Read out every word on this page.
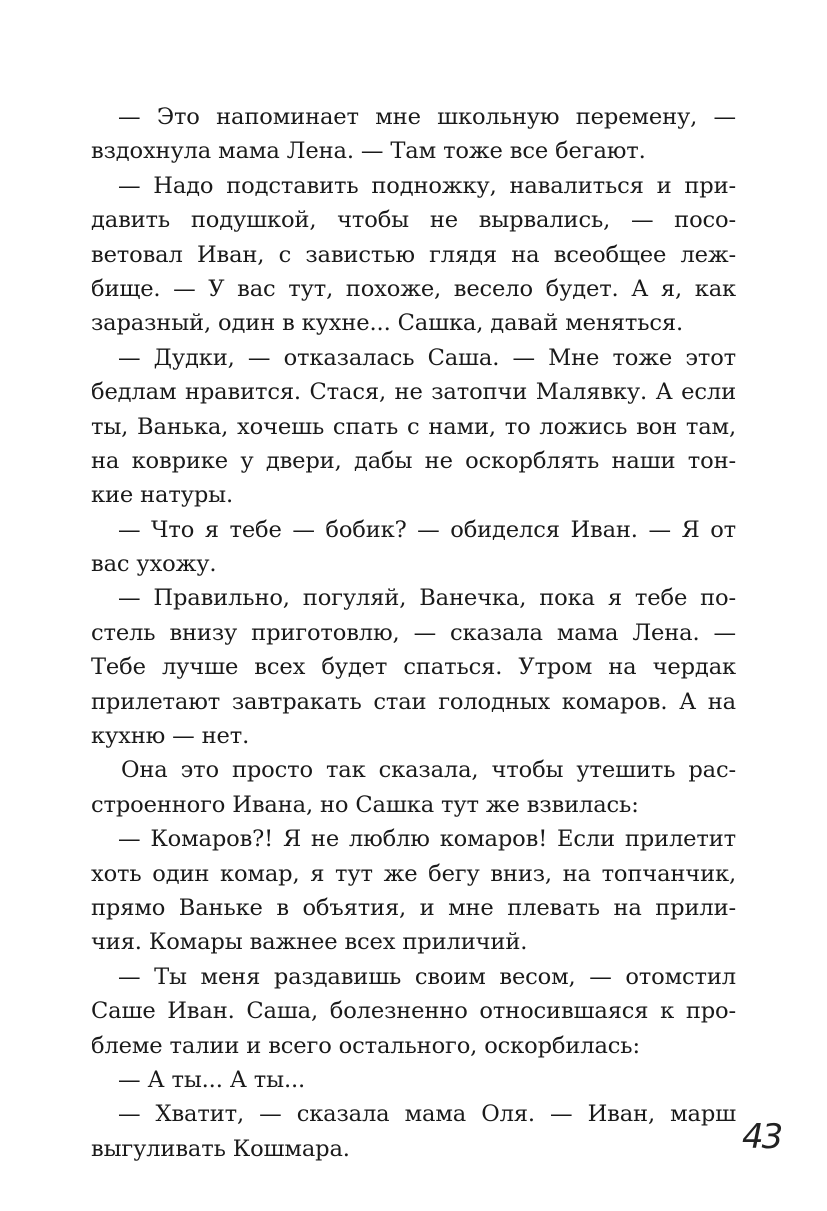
— Это напоминает мне школьную перемену, —
вздохнула мама Лена. — Там тоже все бегают.
— Надо подставить подножку, навалиться и при-
давить подушкой, чтобы не вырвались, — посо-
ветовал Иван, с завистью глядя на всеобщее леж-
бище. — У вас тут, похоже, весело будет. А я, как
заразный, один в кухне... Сашка, давай меняться.
— Дудки, — отказалась Саша. — Мне тоже этот
бедлам нравится. Стася, не затопчи Малявку. А если
ты, Ванька, хочешь спать с нами, то ложись вон там,
на коврике у двери, дабы не оскорблять наши тон-
кие натуры.
— Что я тебе — бобик? — обиделся Иван. — Я от
вас ухожу.
— Правильно, погуляй, Ванечка, пока я тебе по-
стель внизу приготовлю, — сказала мама Лена. —
Тебе лучше всех будет спаться. Утром на чердак
прилетают завтракать стаи голодных комаров. А на
кухню — нет.
Она это просто так сказала, чтобы утешить рас-
строенного Ивана, но Сашка тут же взвилась:
— Комаров?! Я не люблю комаров! Если прилетит
хоть один комар, я тут же бегу вниз, на топчанчик,
прямо Ваньке в объятия, и мне плевать на прили-
чия. Комары важнее всех приличий.
— Ты меня раздавишь своим весом, — отомстил
Саше Иван. Саша, болезненно относившаяся к про-
блеме талии и всего остального, оскорбилась:
— А ты... А ты...
— Хватит, — сказала мама Оля. — Иван, марш
выгуливать Кошмара.	43
